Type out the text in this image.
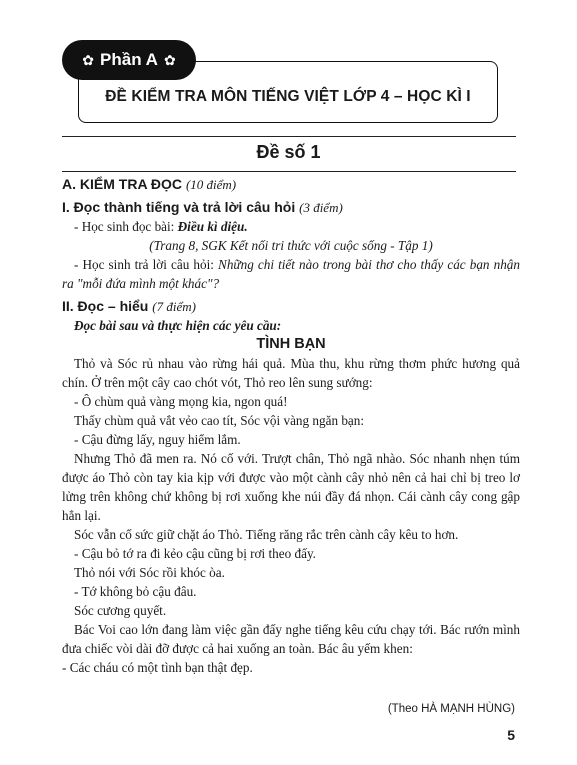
✿ Phần A ✿
ĐỀ KIỂM TRA MÔN TIẾNG VIỆT LỚP 4 – HỌC KÌ I
Đề số 1

A. KIỂM TRA ĐỌC (10 điểm)

I. Đọc thành tiếng và trả lời câu hỏi (3 điểm)

- Học sinh đọc bài: Điều kì diệu.

(Trang 8, SGK Kết nối tri thức với cuộc sống - Tập 1)

- Học sinh trả lời câu hỏi: Những chi tiết nào trong bài thơ cho thấy các bạn nhận ra "mỗi đứa mình một khác"?

II. Đọc – hiểu (7 điểm)

Đọc bài sau và thực hiện các yêu cầu:

TÌNH BẠN

Thỏ và Sóc rủ nhau vào rừng hái quả. Mùa thu, khu rừng thơm phức hương quả chín. Ở trên một cây cao chót vót, Thỏ reo lên sung sướng:

- Ô chùm quả vàng mọng kia, ngon quá!

Thấy chùm quả vắt vẻo cao tít, Sóc vội vàng ngăn bạn:

- Cậu đừng lấy, nguy hiểm lắm.

Nhưng Thỏ đã men ra. Nó cố với. Trượt chân, Thỏ ngã nhào. Sóc nhanh nhẹn túm được áo Thỏ còn tay kia kịp với được vào một cành cây nhỏ nên cả hai chỉ bị treo lơ lửng trên không chứ không bị rơi xuống khe núi đầy đá nhọn. Cái cành cây cong gập hẳn lại.

Sóc vẫn cố sức giữ chặt áo Thỏ. Tiếng răng rắc trên cành cây kêu to hơn.

- Cậu bỏ tớ ra đi kẻo cậu cũng bị rơi theo đấy.

Thỏ nói với Sóc rồi khóc òa.

- Tớ không bỏ cậu đâu.

Sóc cương quyết.

Bác Voi cao lớn đang làm việc gần đấy nghe tiếng kêu cứu chạy tới. Bác rướn mình đưa chiếc vòi dài đỡ được cả hai xuống an toàn. Bác âu yếm khen:

- Các cháu có một tình bạn thật đẹp.

(Theo HÀ MẠNH HÙNG)
5
